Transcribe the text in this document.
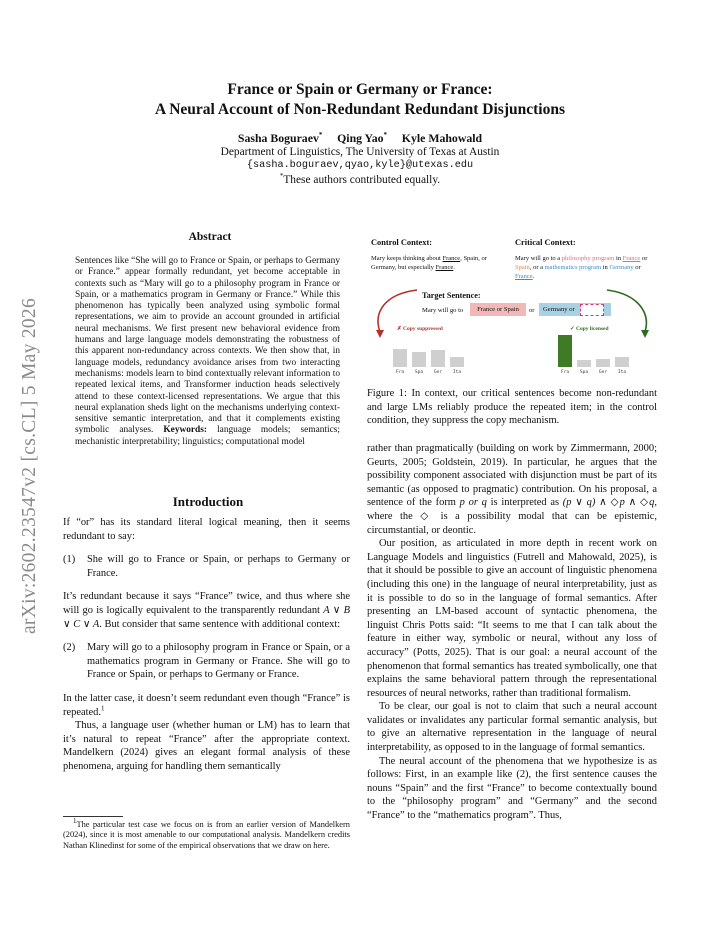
arXiv:2602.23547v2 [cs.CL] 5 May 2026
France or Spain or Germany or France:
A Neural Account of Non-Redundant Redundant Disjunctions
Sasha Boguraev* Qing Yao* Kyle Mahowald
Department of Linguistics, The University of Texas at Austin
{sasha.boguraev,qyao,kyle}@utexas.edu
*These authors contributed equally.
Abstract
Sentences like “She will go to France or Spain, or perhaps to Germany or France.” appear formally redundant, yet become acceptable in contexts such as “Mary will go to a philosophy program in France or Spain, or a mathematics program in Germany or France.” While this phenomenon has typically been analyzed using symbolic formal representations, we aim to provide an account grounded in artificial neural mechanisms. We first present new behavioral evidence from humans and large language models demonstrating the robustness of this apparent non-redundancy across contexts. We then show that, in language models, redundancy avoidance arises from two interacting mechanisms: models learn to bind contextually relevant information to repeated lexical items, and Transformer induction heads selectively attend to these context-licensed representations. We argue that this neural explanation sheds light on the mechanisms underlying context-sensitive semantic interpretation, and that it complements existing symbolic analyses. Keywords: language models; semantics; mechanistic interpretability; linguistics; computational model
Introduction

If “or” has its standard literal logical meaning, then it seems redundant to say:

(1)	She will go to France or Spain, or perhaps to Germany or France.

It’s redundant because it says “France” twice, and thus where she will go is logically equivalent to the transparently redundant A ∨ B ∨ C ∨ A. But consider that same sentence with additional context:

(2)	Mary will go to a philosophy program in France or Spain, or a mathematics program in Germany or France. She will go to France or Spain, or perhaps to Germany or France.

In the latter case, it doesn’t seem redundant even though “France” is repeated.$^1$

Thus, a language user (whether human or LM) has to learn that it’s natural to repeat “France” after the appropriate context. Mandelkern (2024) gives an elegant formal analysis of these phenomena, arguing for handling them semantically

$^1$The particular test case we focus on is from an earlier version of Mandelkern (2024), since it is most amenable to our computational analysis. Mandelkern credits Nathan Klinedinst for some of the empirical observations that we draw on here.
Control Context:
Mary keeps thinking about France, Spain, or Germany, but especially France.
Critical Context:
Mary will go to a philosophy program in France or Spain, or a mathematics program in Germany or France.
Target Sentence:
Mary will go to	France or Spain	or	Germany or
✗ Copy suppressed	✓ Copy licensed
Fra	Spa	Ger	Ita	Fra	Spa	Ger	Ita
Figure 1: In context, our critical sentences become non-redundant and large LMs reliably produce the repeated item; in the control condition, they suppress the copy mechanism.

rather than pragmatically (building on work by Zimmermann, 2000; Geurts, 2005; Goldstein, 2019). In particular, he argues that the possibility component associated with disjunction must be part of its semantic (as opposed to pragmatic) contribution. On his proposal, a sentence of the form p or q is interpreted as (p ∨ q) ∧ ◇p ∧ ◇q, where the ◇ is a possibility modal that can be epistemic, circumstantial, or deontic.

Our position, as articulated in more depth in recent work on Language Models and linguistics (Futrell and Mahowald, 2025), is that it should be possible to give an account of linguistic phenomena (including this one) in the language of neural interpretability, just as it is possible to do so in the language of formal semantics. After presenting an LM-based account of syntactic phenomena, the linguist Chris Potts said: “It seems to me that I can talk about the feature in either way, symbolic or neural, without any loss of accuracy” (Potts, 2025). That is our goal: a neural account of the phenomenon that formal semantics has treated symbolically, one that explains the same behavioral pattern through the representational resources of neural networks, rather than traditional formalism.

To be clear, our goal is not to claim that such a neural account validates or invalidates any particular formal semantic analysis, but to give an alternative representation in the language of neural interpretability, as opposed to in the language of formal semantics.

The neural account of the phenomena that we hypothesize is as follows: First, in an example like (2), the first sentence causes the nouns “Spain” and the first “France” to become contextually bound to the “philosophy program” and “Germany” and the second “France” to the “mathematics program”. Thus,
